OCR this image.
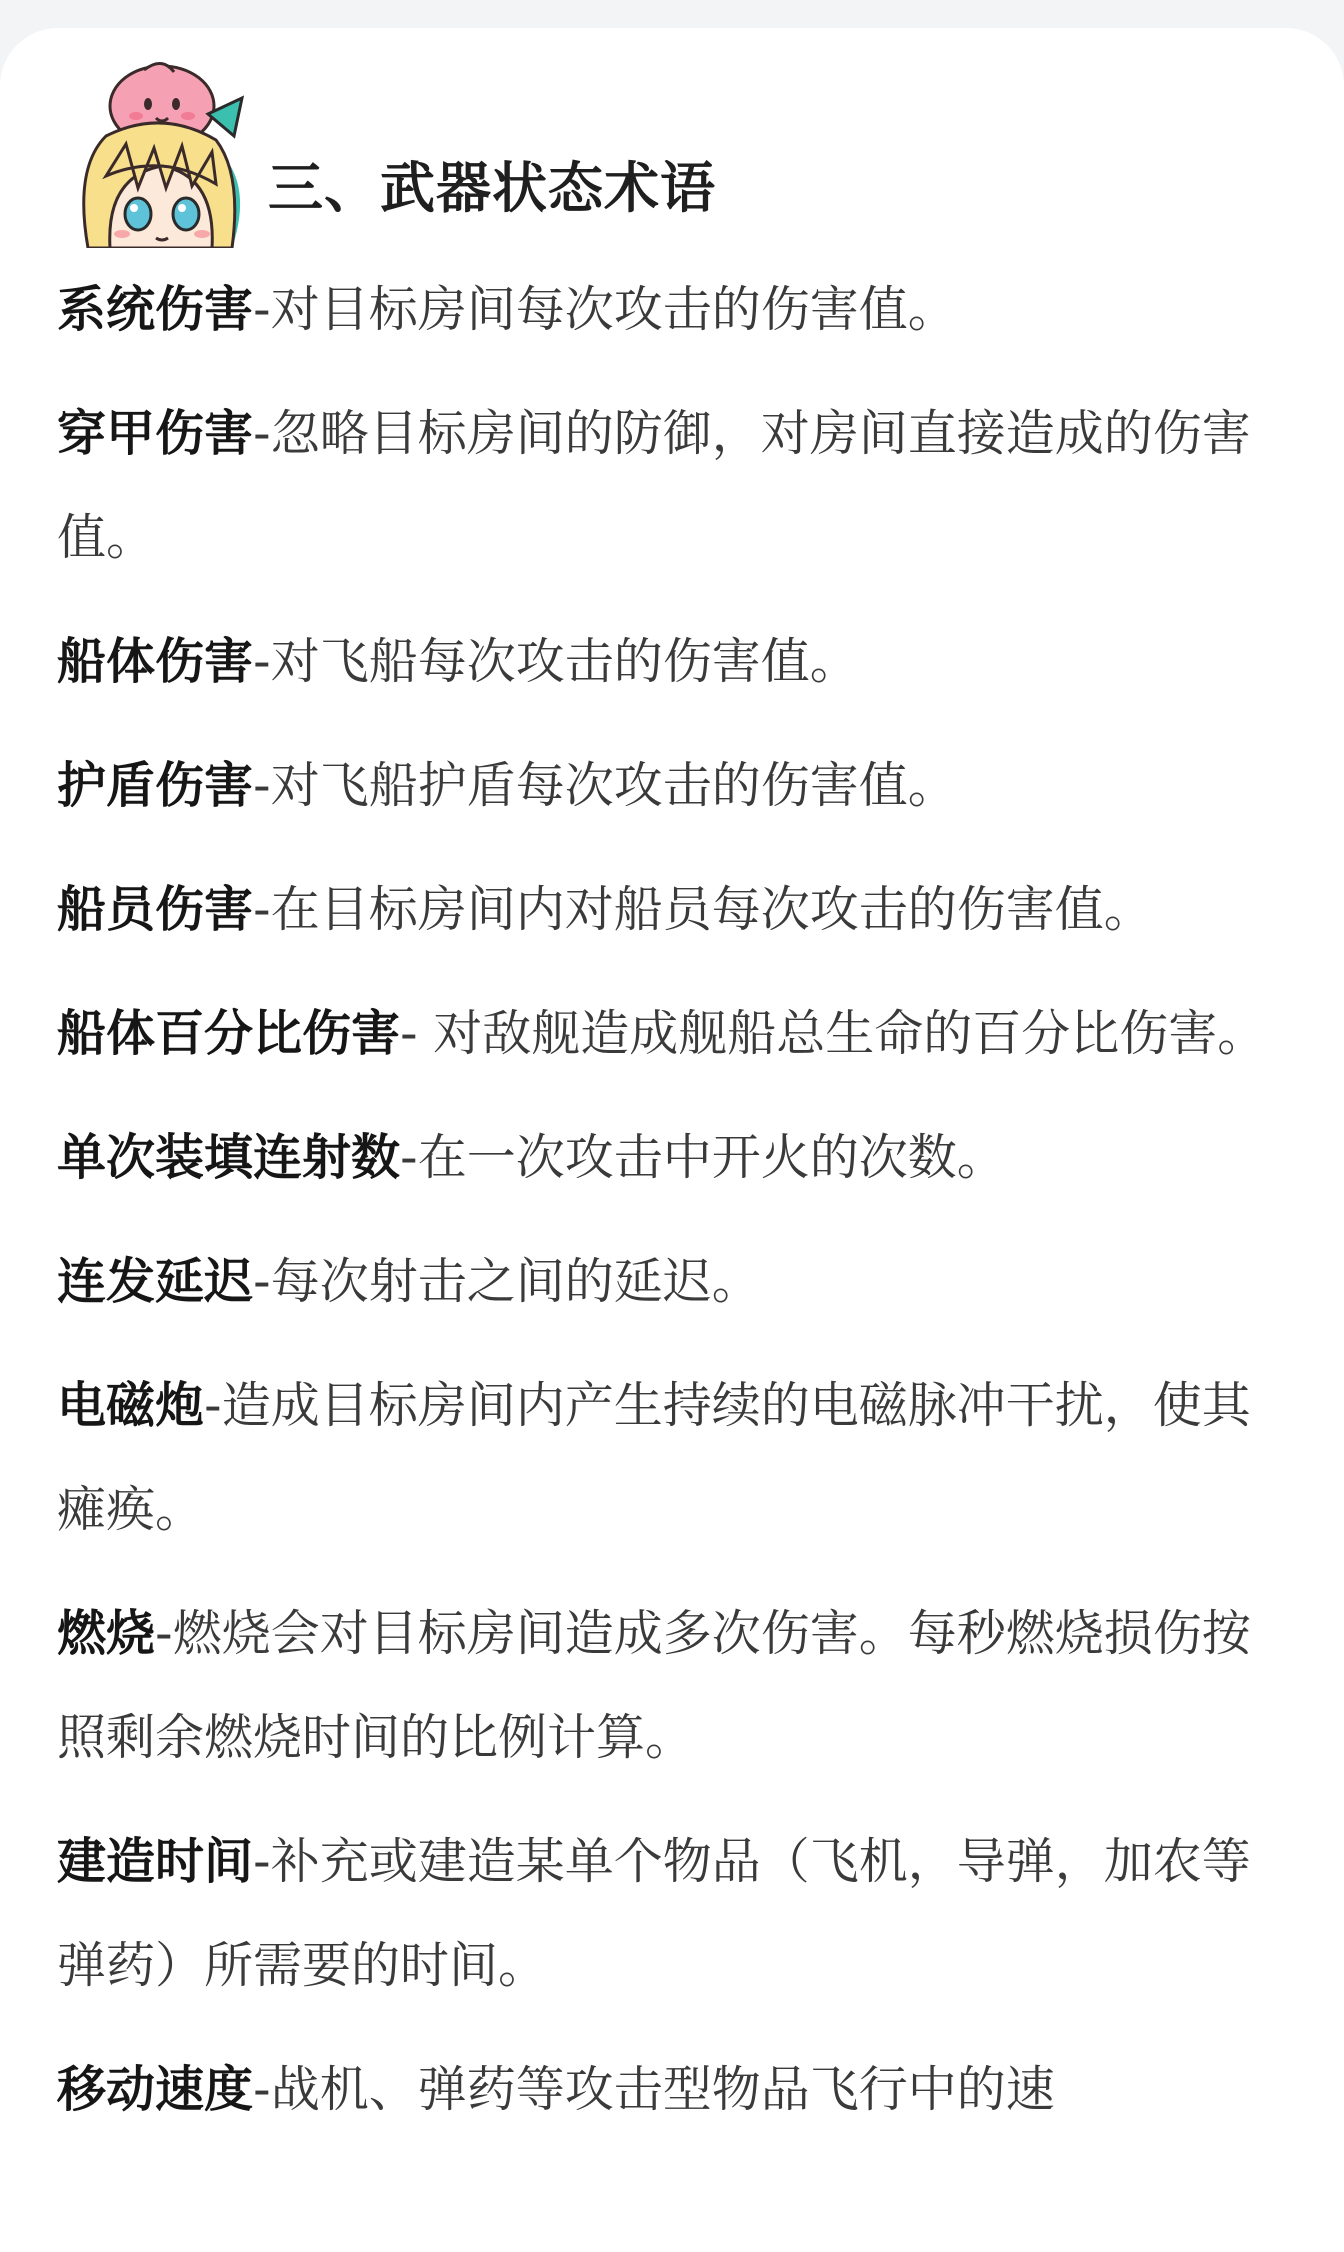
三、武器状态术语

系统伤害-对目标房间每次攻击的伤害值。

穿甲伤害-忽略目标房间的防御，对房间直接造成的伤害值。

船体伤害-对飞船每次攻击的伤害值。

护盾伤害-对飞船护盾每次攻击的伤害值。

船员伤害-在目标房间内对船员每次攻击的伤害值。

船体百分比伤害- 对敌舰造成舰船总生命的百分比伤害。

单次装填连射数-在一次攻击中开火的次数。

连发延迟-每次射击之间的延迟。

电磁炮-造成目标房间内产生持续的电磁脉冲干扰，使其瘫痪。

燃烧-燃烧会对目标房间造成多次伤害。每秒燃烧损伤按照剩余燃烧时间的比例计算。

建造时间-补充或建造某单个物品（飞机，导弹，加农等弹药）所需要的时间。

移动速度-战机、弹药等攻击型物品飞行中的速
